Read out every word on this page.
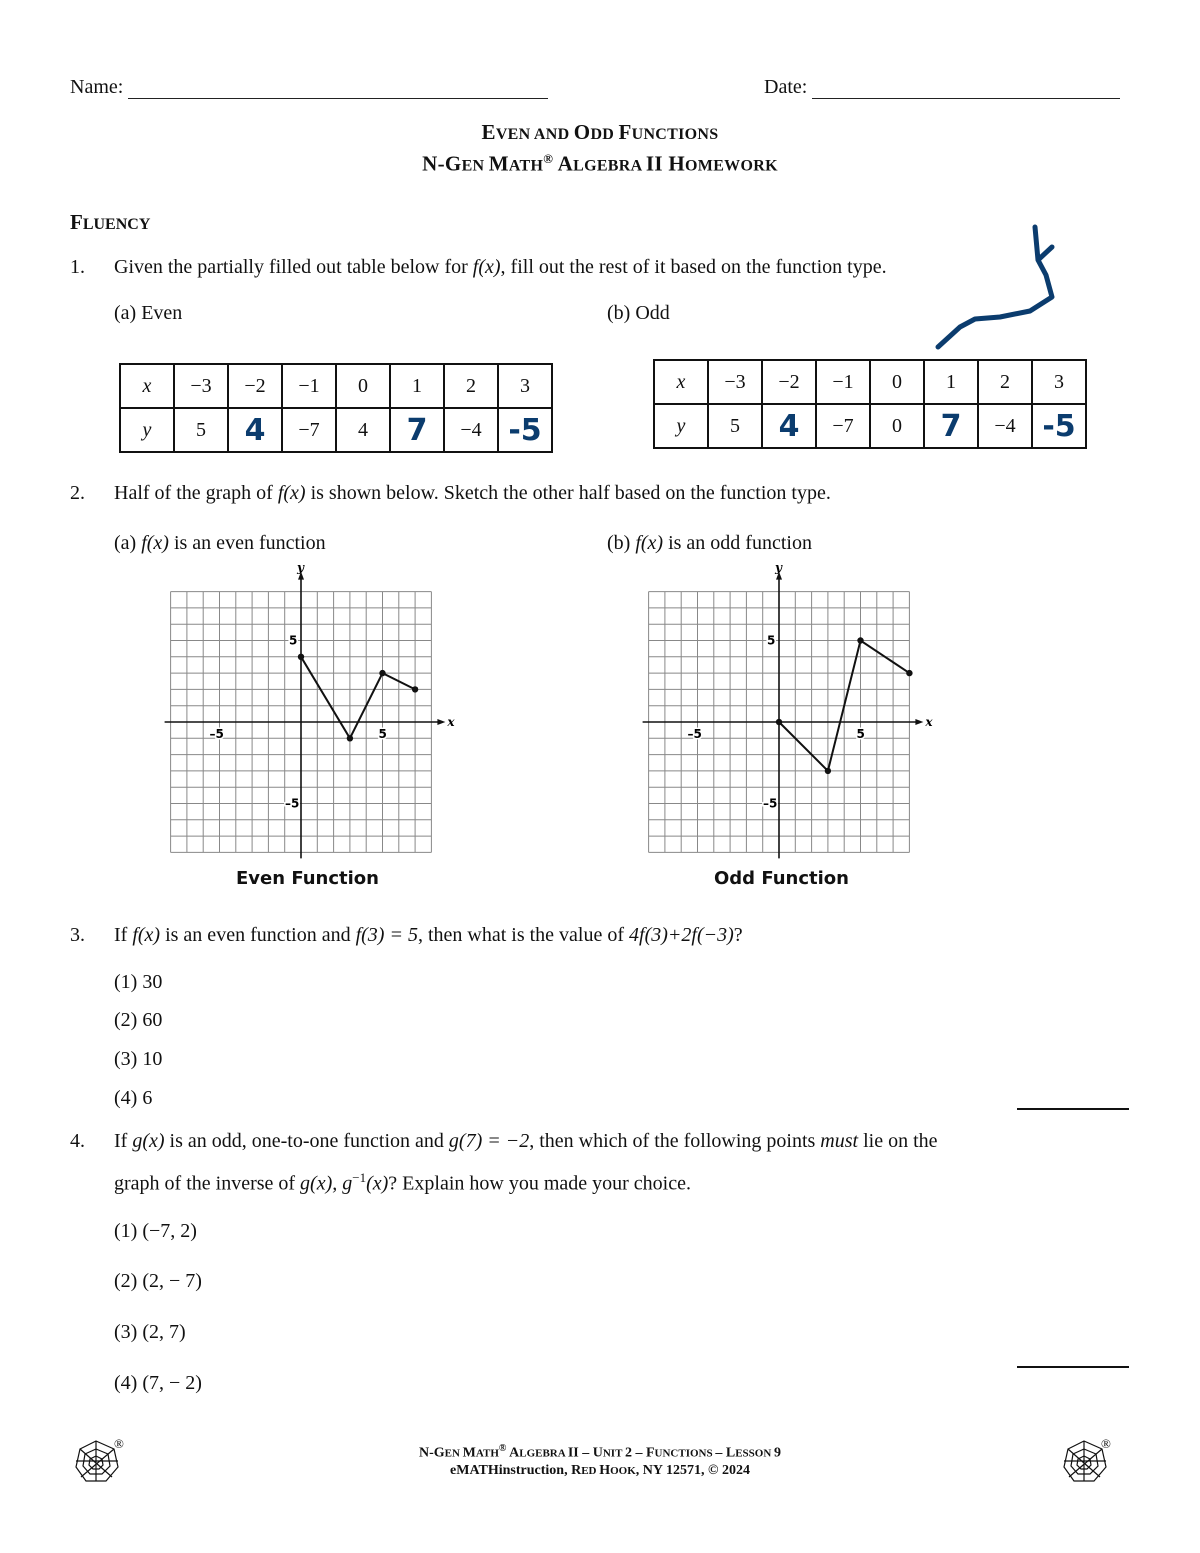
Name:	Date:
EVEN AND ODD FUNCTIONS
N-GEN MATH® ALGEBRA II HOMEWORK
FLUENCY
1. Given the partially filled out table below for f(x), fill out the rest of it based on the function type.
(a) Even	(b) Odd
x	−3	−2	−1	0	1	2	3
y	5	4	−7	4	7	−4	-5
x	−3	−2	−1	0	1	2	3
y	5	4	−7	0	7	−4	-5
2. Half of the graph of f(x) is shown below. Sketch the other half based on the function type.
(a) f(x) is an even function	(b) f(x) is an odd function
x
y
–5	5
5
–5
x
y
–5	5
5
–5
Even Function	Odd Function
3. If f(x) is an even function and f(3) = 5, then what is the value of 4f(3)+2f(−3)?
(1) 30
(2) 60
(3) 10
(4) 6
4. If g(x) is an odd, one-to-one function and g(7) = −2, then which of the following points must lie on the
graph of the inverse of g(x), $g^{-1}(x)$? Explain how you made your choice.
(1) (−7, 2)
(2) (2, − 7)
(3) (2, 7)
(4) (7, − 2)
®	®
N-GEN MATH® ALGEBRA II – UNIT 2 – FUNCTIONS – LESSON 9
eMATHinstruction, RED HOOK, NY 12571, © 2024
